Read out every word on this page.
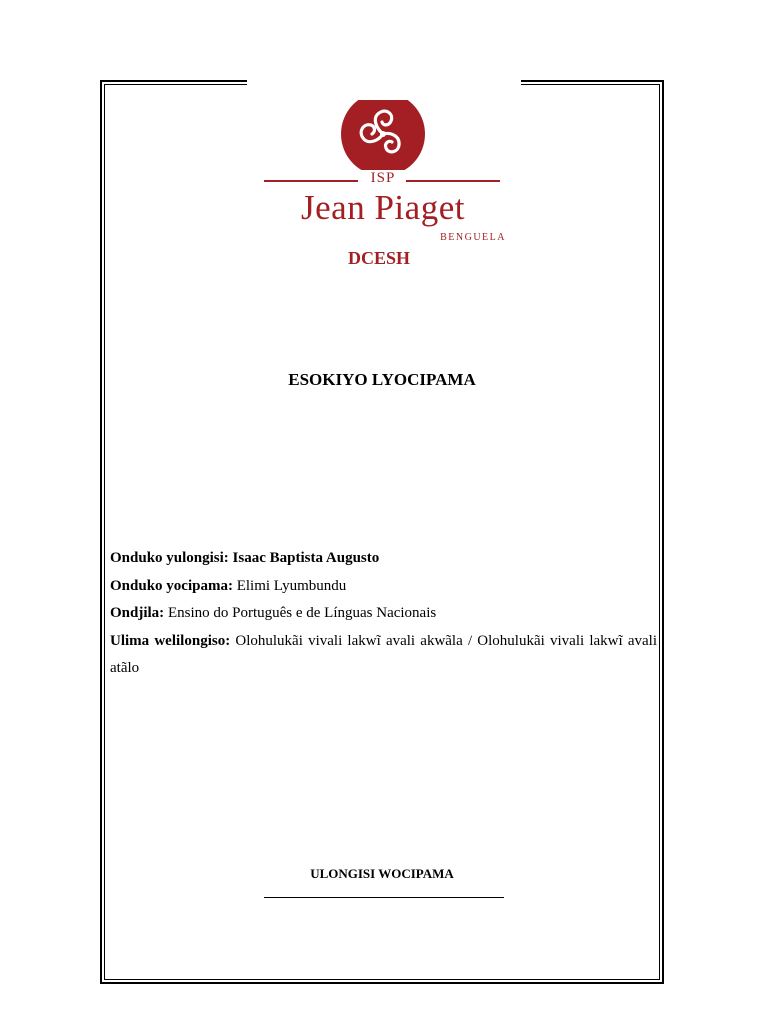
ISP
Jean Piaget
BENGUELA
DCESH
ESOKIYO LYOCIPAMA

Onduko yulongisi: Isaac Baptista Augusto

Onduko yocipama: Elimi Lyumbundu

Ondjila: Ensino do Português e de Línguas Nacionais

Ulima welilongiso: Olohulukãi vivali lakwĩ avali akwãla / Olohulukãi vivali lakwĩ avali atãlo

ULONGISI WOCIPAMA
